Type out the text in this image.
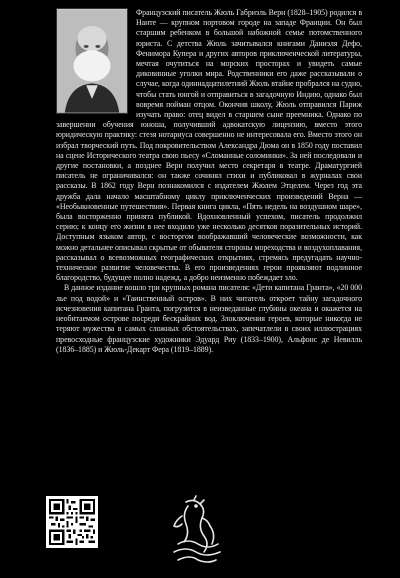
Французский писатель Жюль Габриэль Верн (1828–1905) родился в Нанте — крупном портовом городе на западе Франции. Он был старшим ребенком в большой набожной семье потомственного юриста. С детства Жюль зачитывался книгами Даниэля Дефо, Фенимора Купера и других авторов приключенческой литературы, мечтая очутиться на морских просторах и увидеть самые диковинные уголки мира. Родственники его даже рассказывали о случае, когда одиннадцатилетний Жюль втайне пробрался на судно, чтобы стать юнгой и отправиться в загадочную Индию, однако был вовремя пойман отцом. Окончив школу, Жюль отправился Париж изучать право: отец видел в старшем сыне преемника. Однако по завершении обучения юноша, получивший адвокатскую лицензию, вместо этого юридическую практику: стезя нотариуса совершенно не интересовала его. Вместо этого он избрал творческий путь. Под покровительством Александра Дюма он в 1850 году поставил на сцене Исторического театра свою пьесу «Сломанные соломинки». За ней последовали и другие постановки, а позднее Верн получил место секретаря в театре. Драматургией писатель не ограничивался: он также сочинял стихи и публиковал в журналах свои рассказы. В 1862 году Верн познакомился с издателем Жюлем Этцелем. Через год эта дружба дала начало масштабному циклу приключенческих произведений Верна — «Необыкновенные путешествия». Первая книга цикла, «Пять недель на воздушном шаре», была восторженно принята публикой. Вдохновленный успехом, писатель продолжил серию; к концу его жизни в нее входило уже несколько десятков поразительных историй. Доступным языком автор, с восторгом воображавший человеческие возможности, как можно детальнее описывал скрытые от обывателя стороны мореходства и воздухоплавания, рассказывал о всевозможных географических открытиях, стремясь предугадать научно-техническое развитие человечества. В его произведениях герои проявляют подлинное благородство, будущее полно надежд, а добро неизменно побеждает зло.

В данное издание вошло три крупных романа писателя: «Дети капитана Гранта», «20 000 лье под водой» и «Таинственный остров». В них читатель откроет тайну загадочного исчезновения капитана Гранта, погрузится в неизведанные глубины океана и окажется на необитаемом острове посреди бескрайних вод. Злоключения героев, которые никогда не теряют мужества в самых сложных обстоятельствах, запечатлели в своих иллюстрациях превосходные французские художники Эдуард Риу (1833–1900), Альфонс де Невилль (1836–1885) и Жюль-Декарт Фера (1819–1889).
